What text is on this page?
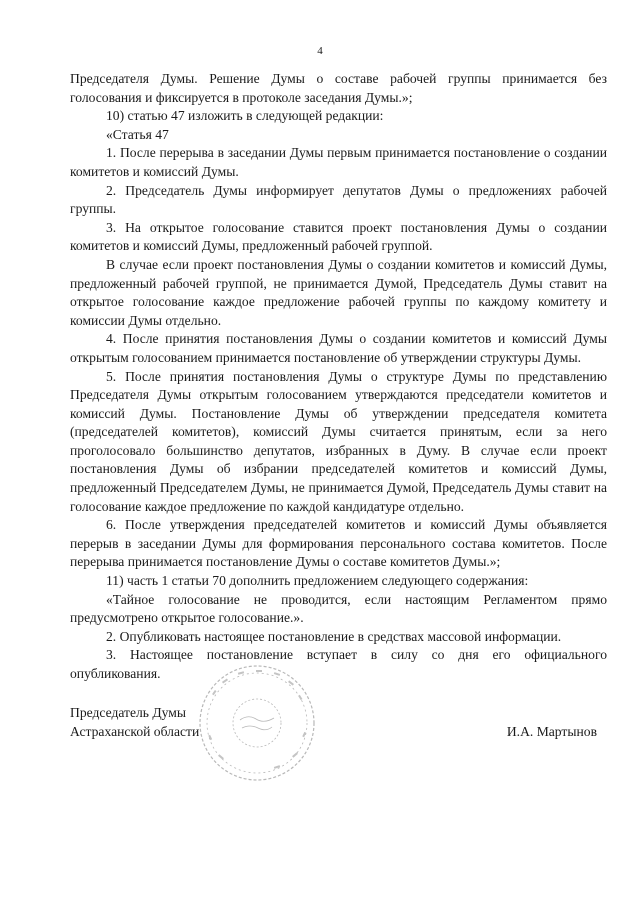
4

Председателя Думы. Решение Думы о составе рабочей группы принимается без голосования и фиксируется в протоколе заседания Думы.»;

10) статью 47 изложить в следующей редакции:

«Статья 47

1. После перерыва в заседании Думы первым принимается постановление о создании комитетов и комиссий Думы.

2. Председатель Думы информирует депутатов Думы о предложениях рабочей группы.

3. На открытое голосование ставится проект постановления Думы о создании комитетов и комиссий Думы, предложенный рабочей группой.

В случае если проект постановления Думы о создании комитетов и комиссий Думы, предложенный рабочей группой, не принимается Думой, Председатель Думы ставит на открытое голосование каждое предложение рабочей группы по каждому комитету и комиссии Думы отдельно.

4. После принятия постановления Думы о создании комитетов и комиссий Думы открытым голосованием принимается постановление об утверждении структуры Думы.

5. После принятия постановления Думы о структуре Думы по представлению Председателя Думы открытым голосованием утверждаются председатели комитетов и комиссий Думы. Постановление Думы об утверждении председателя комитета (председателей комитетов), комиссий Думы считается принятым, если за него проголосовало большинство депутатов, избранных в Думу. В случае если проект постановления Думы об избрании председателей комитетов и комиссий Думы, предложенный Председателем Думы, не принимается Думой, Председатель Думы ставит на голосование каждое предложение по каждой кандидатуре отдельно.

6. После утверждения председателей комитетов и комиссий Думы объявляется перерыв в заседании Думы для формирования персонального состава комитетов. После перерыва принимается постановление Думы о составе комитетов Думы.»;

11) часть 1 статьи 70 дополнить предложением следующего содержания:

«Тайное голосование не проводится, если настоящим Регламентом прямо предусмотрено открытое голосование.».

2. Опубликовать настоящее постановление в средствах массовой информации.

3. Настоящее постановление вступает в силу со дня его официального опубликования.

Председатель Думы
Астраханской области	И.А. Мартынов
